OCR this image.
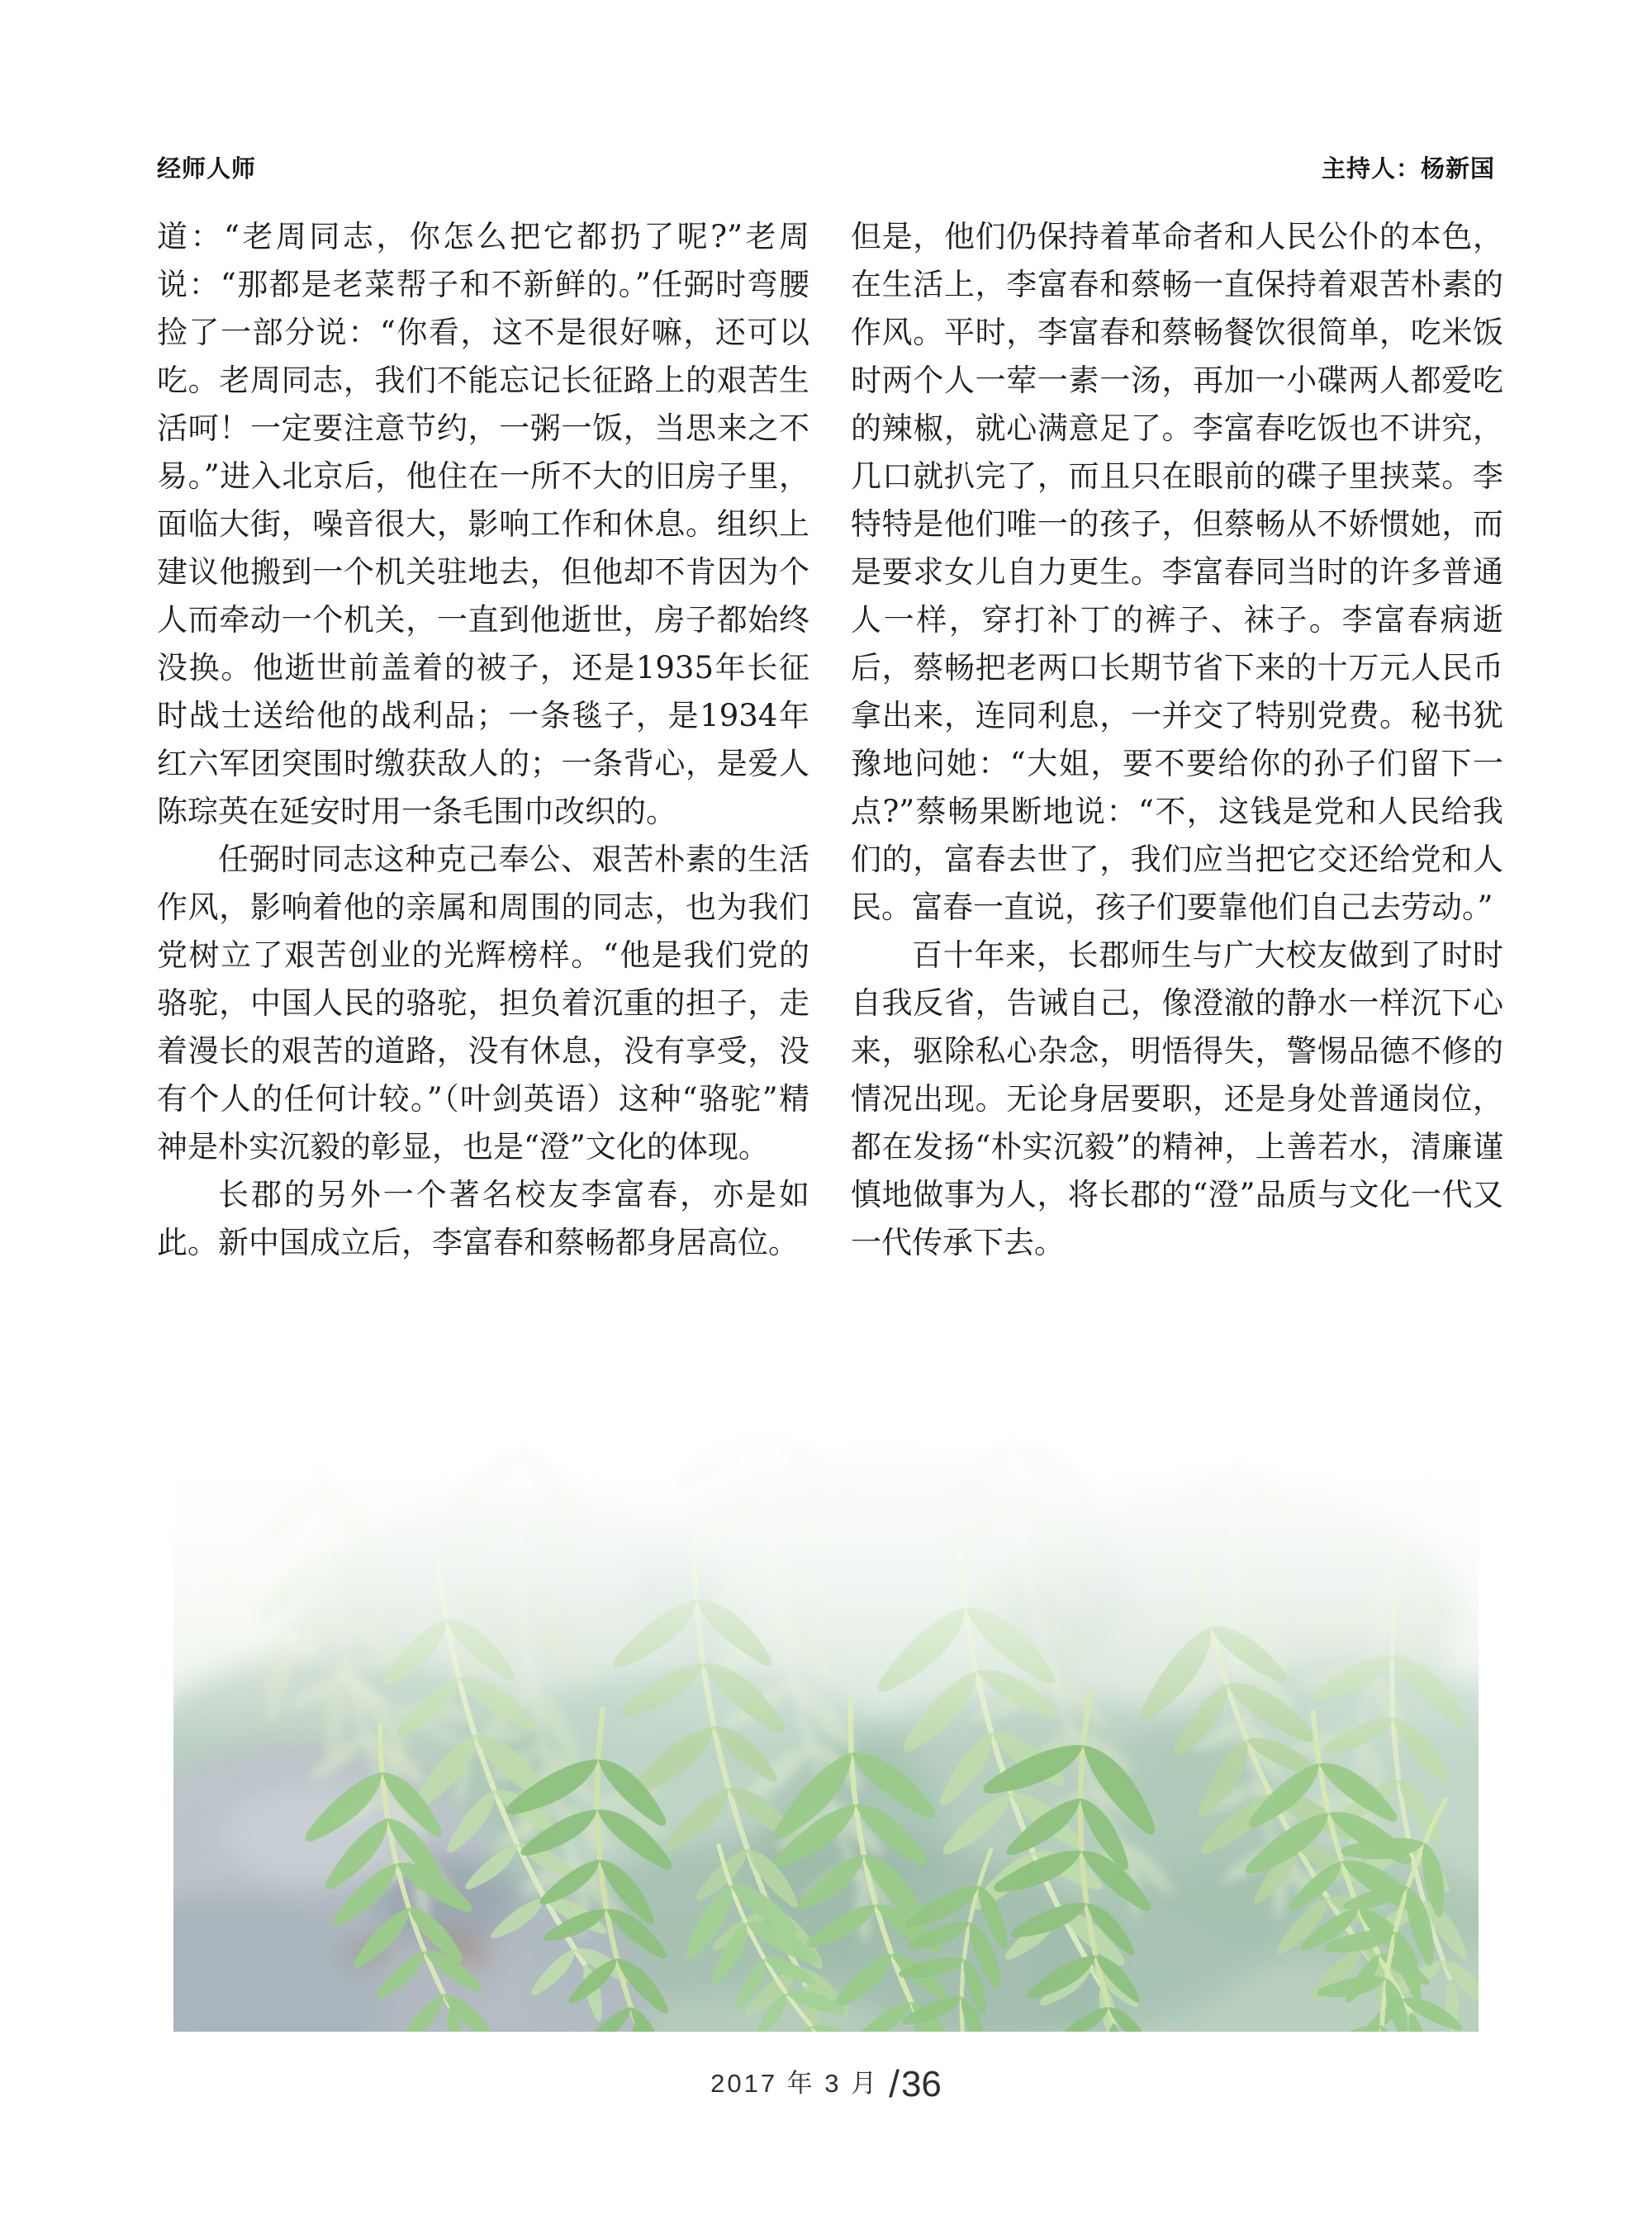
经师人师	主持人：杨新国

道：“老周同志，你怎么把它都扔了呢?”老周说：“那都是老菜帮子和不新鲜的。”任弼时弯腰捡了一部分说：“你看，这不是很好嘛，还可以吃。老周同志，我们不能忘记长征路上的艰苦生活呵！一定要注意节约，一粥一饭，当思来之不易。”进入北京后，他住在一所不大的旧房子里，面临大街，噪音很大，影响工作和休息。组织上建议他搬到一个机关驻地去，但他却不肯因为个人而牵动一个机关，一直到他逝世，房子都始终没换。他逝世前盖着的被子，还是1935年长征时战士送给他的战利品；一条毯子，是1934年红六军团突围时缴获敌人的；一条背心，是爱人陈琮英在延安时用一条毛围巾改织的。

任弼时同志这种克己奉公、艰苦朴素的生活作风，影响着他的亲属和周围的同志，也为我们党树立了艰苦创业的光辉榜样。“他是我们党的骆驼，中国人民的骆驼，担负着沉重的担子，走着漫长的艰苦的道路，没有休息，没有享受，没有个人的任何计较。”（叶剑英语）这种“骆驼”精神是朴实沉毅的彰显，也是“澄”文化的体现。

长郡的另外一个著名校友李富春，亦是如此。新中国成立后，李富春和蔡畅都身居高位。

但是，他们仍保持着革命者和人民公仆的本色，在生活上，李富春和蔡畅一直保持着艰苦朴素的作风。平时，李富春和蔡畅餐饮很简单，吃米饭时两个人一荤一素一汤，再加一小碟两人都爱吃的辣椒，就心满意足了。李富春吃饭也不讲究，几口就扒完了，而且只在眼前的碟子里挟菜。李特特是他们唯一的孩子，但蔡畅从不娇惯她，而是要求女儿自力更生。李富春同当时的许多普通人一样，穿打补丁的裤子、袜子。李富春病逝后，蔡畅把老两口长期节省下来的十万元人民币拿出来，连同利息，一并交了特别党费。秘书犹豫地问她：“大姐，要不要给你的孙子们留下一点?”蔡畅果断地说：“不，这钱是党和人民给我们的，富春去世了，我们应当把它交还给党和人民。富春一直说，孩子们要靠他们自己去劳动。”

百十年来，长郡师生与广大校友做到了时时自我反省，告诫自己，像澄澈的静水一样沉下心来，驱除私心杂念，明悟得失，警惕品德不修的情况出现。无论身居要职，还是身处普通岗位，都在发扬“朴实沉毅”的精神，上善若水，清廉谨慎地做事为人，将长郡的“澄”品质与文化一代又一代传承下去。

2017 年 3 月 /36
